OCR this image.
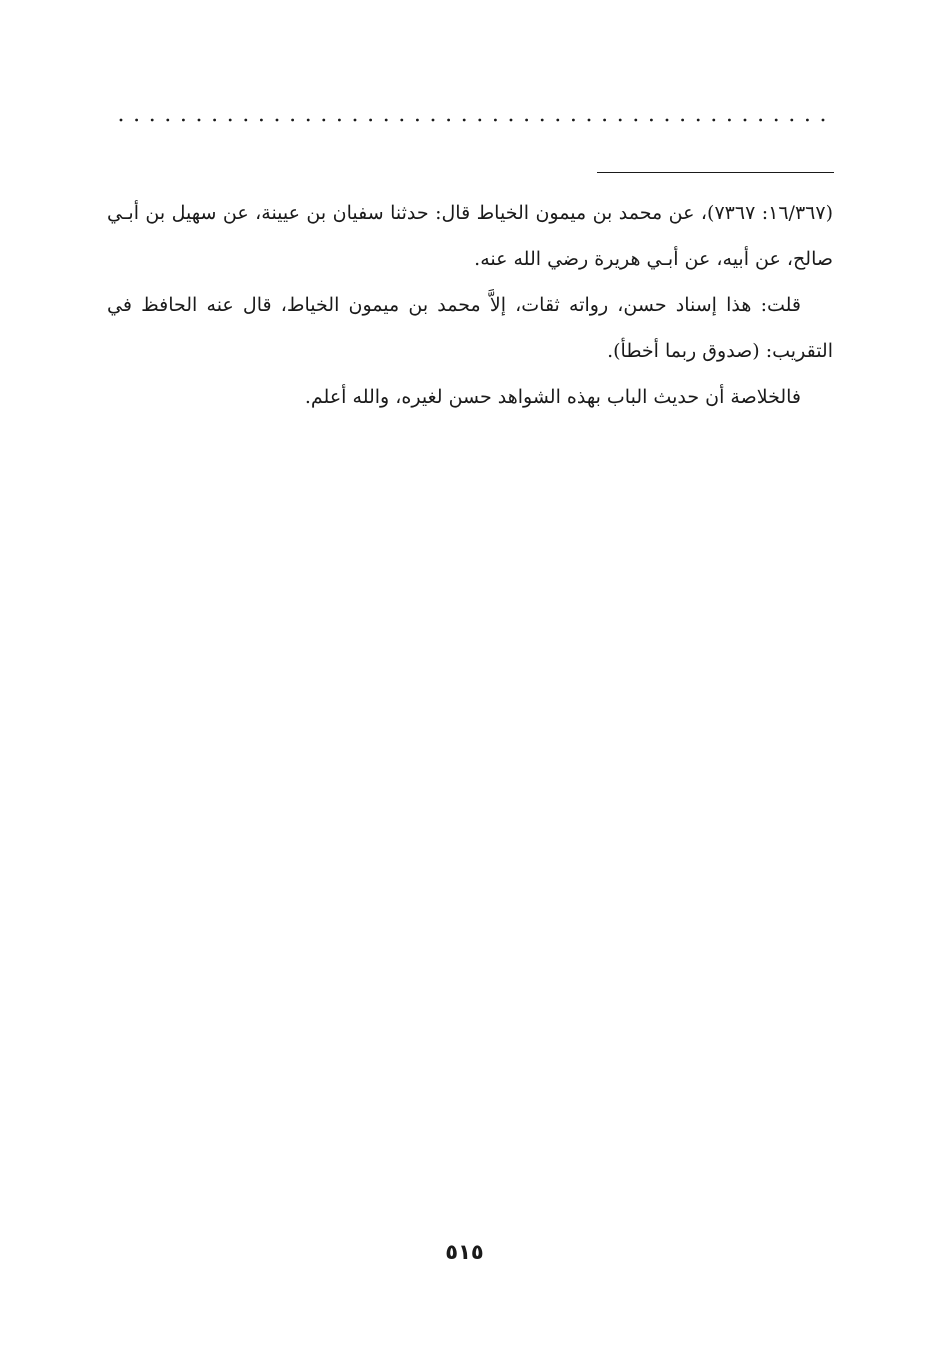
(١٦/٣٦٧: ٧٣٦٧)، عن محمد بن ميمون الخياط قال: حدثنا سفيان بن عيينة، عن سهيل بن أبـي صالح، عن أبيه، عن أبـي هريرة رضي الله عنه.

قلت: هذا إسناد حسن، رواته ثقات، إلاَّ محمد بن ميمون الخياط، قال عنه الحافظ في التقريب: (صدوق ربما أخطأ).

فالخلاصة أن حديث الباب بهذه الشواهد حسن لغيره، والله أعلم.

٥١٥
